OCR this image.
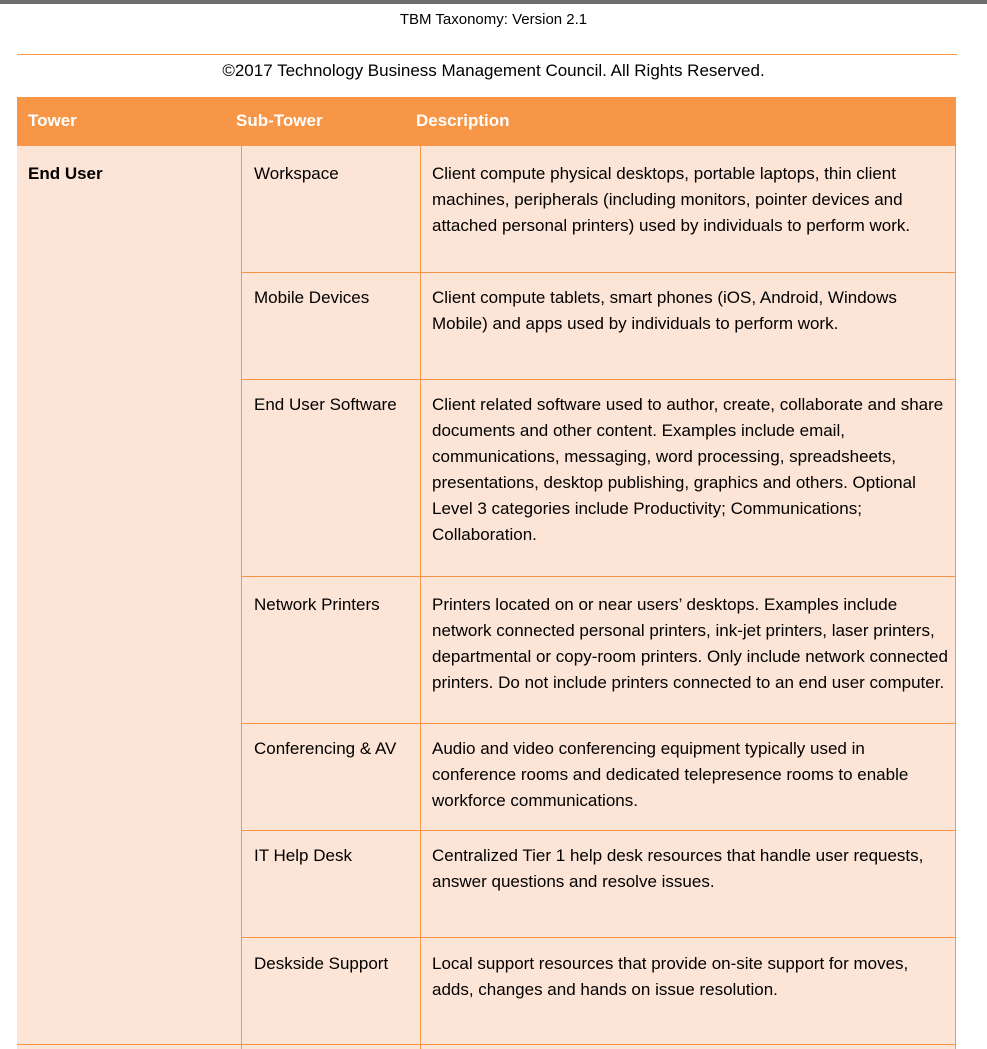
TBM Taxonomy: Version 2.1
©2017 Technology Business Management Council. All Rights Reserved.
Tower	Sub-Tower	Description
End User	Workspace	Client compute physical desktops, portable laptops, thin client machines, peripherals (including monitors, pointer devices and attached personal printers) used by individuals to perform work.
Mobile Devices	Client compute tablets, smart phones (iOS, Android, Windows Mobile) and apps used by individuals to perform work.
End User Software	Client related software used to author, create, collaborate and share documents and other content. Examples include email, communications, messaging, word processing, spreadsheets, presentations, desktop publishing, graphics and others. Optional Level 3 categories include Productivity; Communications; Collaboration.
Network Printers	Printers located on or near users’ desktops. Examples include network connected personal printers, ink-jet printers, laser printers, departmental or copy-room printers. Only include network connected printers. Do not include printers connected to an end user computer.
Conferencing & AV	Audio and video conferencing equipment typically used in conference rooms and dedicated telepresence rooms to enable workforce communications.
IT Help Desk	Centralized Tier 1 help desk resources that handle user requests, answer questions and resolve issues.
Deskside Support	Local support resources that provide on-site support for moves, adds, changes and hands on issue resolution.
